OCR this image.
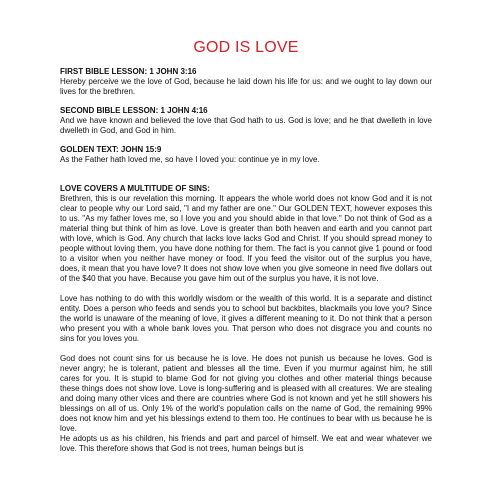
GOD IS LOVE

FIRST BIBLE LESSON: 1 JOHN 3:16

Hereby perceive we the love of God, because he laid down his life for us: and we ought to lay down our lives for the brethren.

SECOND BIBLE LESSON: 1 JOHN 4:16

And we have known and believed the love that God hath to us. God is love; and he that dwelleth in love dwelleth in God, and God in him.

GOLDEN TEXT: JOHN 15:9

As the Father hath loved me, so have I loved you: continue ye in my love.

LOVE COVERS A MULTITUDE OF SINS:

Brethren, this is our revelation this morning. It appears the whole world does not know God and it is not clear to people why our Lord said, "I and my father are one." Our GOLDEN TEXT, however exposes this to us. "As my father loves me, so I love you and you should abide in that love." Do not think of God as a material thing but think of him as love. Love is greater than both heaven and earth and you cannot part with love, which is God. Any church that lacks love lacks God and Christ. If you should spread money to people without loving them, you have done nothing for them. The fact is you cannot give 1 pound or food to a visitor when you neither have money or food. If you feed the visitor out of the surplus you have, does, it mean that you have love? It does not show love when you give someone in need five dollars out of the $40 that you have. Because you gave him out of the surplus you have, it is not love.

Love has nothing to do with this worldly wisdom or the wealth of this world. It is a separate and distinct entity. Does a person who feeds and sends you to school but backbites, blackmails you love you? Since the world is unaware of the meaning of love, it gives a different meaning to it. Do not think that a person who present you with a whole bank loves you. That person who does not disgrace you and counts no sins for you loves you.

God does not count sins for us because he is love. He does not punish us because he loves. God is never angry; he is tolerant, patient and blesses all the time. Even if you murmur against him, he still cares for you. It is stupid to blame God for not giving you clothes and other material things because these things does not show love. Love is long-suffering and is pleased with all creatures. We are stealing and doing many other vices and there are countries where God is not known and yet he still showers his blessings on all of us. Only 1% of the world's population calls on the name of God, the remaining 99% does not know him and yet his blessings extend to them too. He continues to bear with us because he is love.

He adopts us as his children, his friends and part and parcel of himself. We eat and wear whatever we love. This therefore shows that God is not trees, human beings but is
